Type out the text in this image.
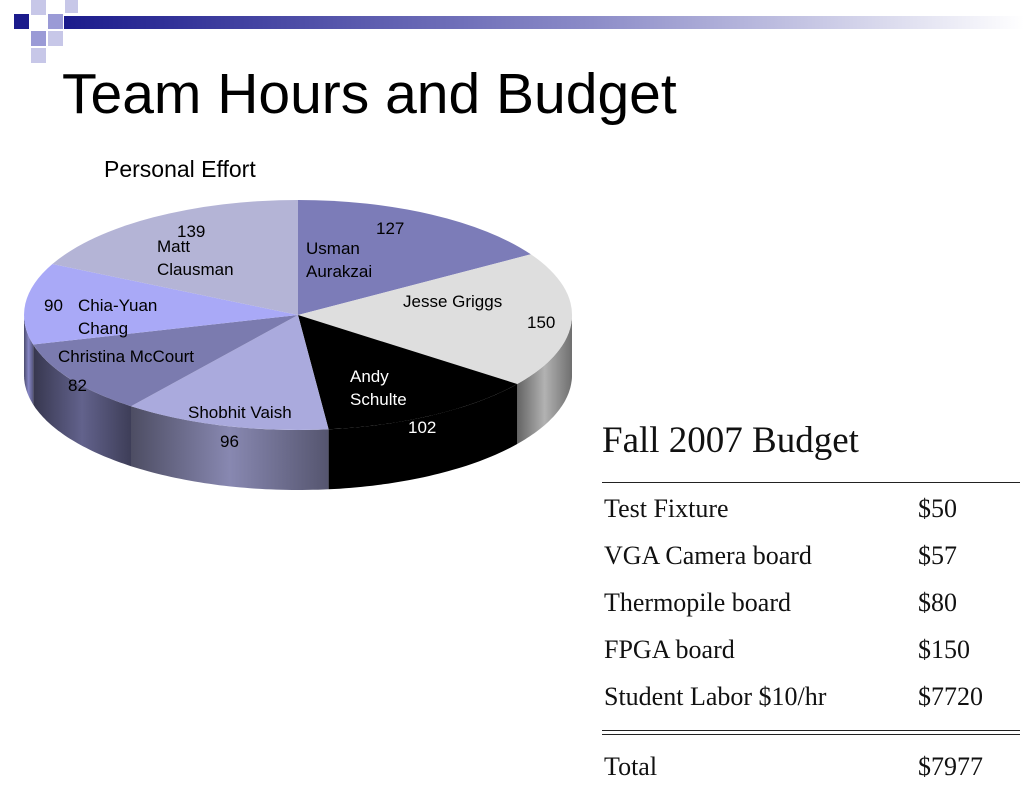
Team Hours and Budget
Personal Effort
Usman Aurakzai
127
Jesse Griggs
150
Andy Schulte
102
Shobhit Vaish
96
Christina McCourt
82
Chia-Yuan Chang
90
Matt Clausman
139
Fall 2007 Budget
Test Fixture	$50
VGA Camera board	$57
Thermopile board	$80
FPGA board	$150
Student Labor $10/hr	$7720
Total	$7977
